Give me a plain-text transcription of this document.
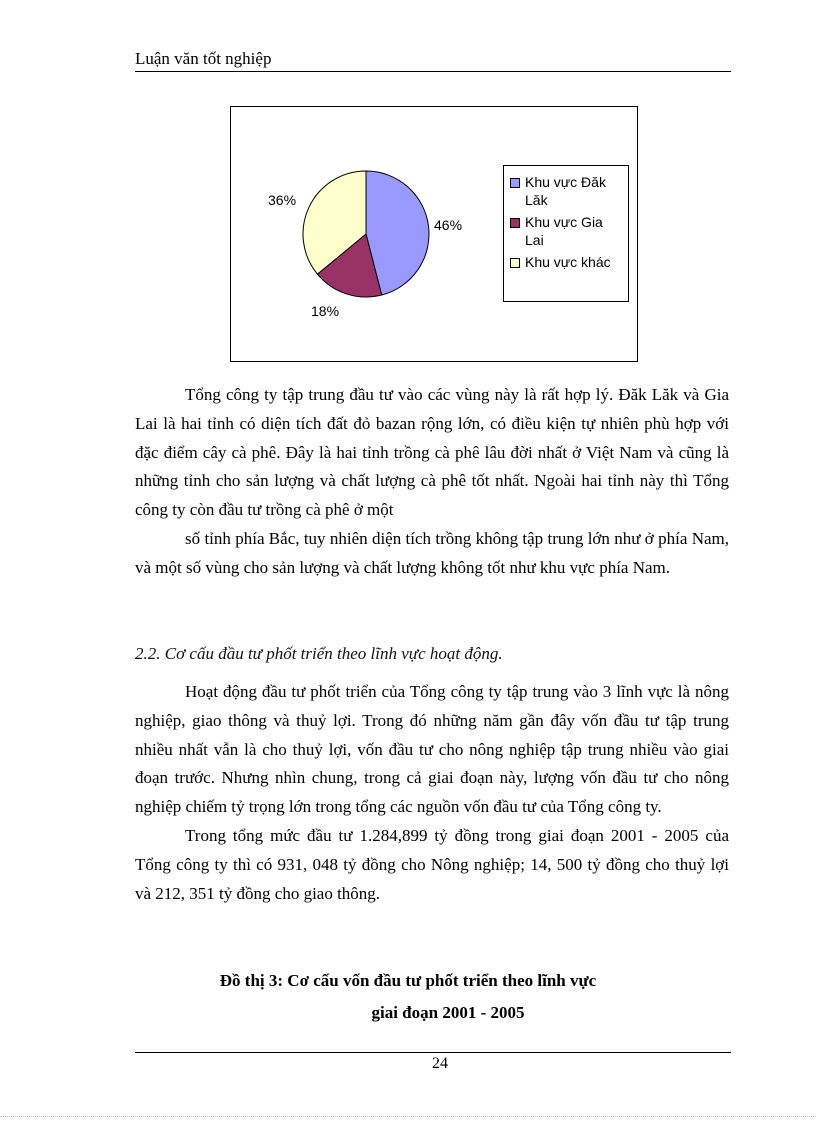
Luận văn tốt nghiệp
46%
18%
36%
Khu vực Đăk
Lăk
Khu vực Gia
Lai
Khu vực khác

Tổng công ty tập trung đầu tư vào các vùng này là rất hợp lý. Đăk Lăk và Gia Lai là hai tỉnh có diện tích đất đỏ bazan rộng lớn, có điều kiện tự nhiên phù hợp với đặc điểm cây cà phê. Đây là hai tỉnh trồng cà phê lâu đời nhất ở Việt Nam và cũng là những tỉnh cho sản lượng và chất lượng cà phê tốt nhất. Ngoài hai tỉnh này thì Tổng công ty còn đầu tư trồng cà phê ở một

số tỉnh phía Bắc, tuy nhiên diện tích trồng không tập trung lớn như ở phía Nam, và một số vùng cho sản lượng và chất lượng không tốt như khu vực phía Nam.

2.2. Cơ cấu đầu tư phốt triển theo lĩnh vực hoạt động.

Hoạt động đầu tư phốt triển của Tổng công ty tập trung vào 3 lĩnh vực là nông nghiệp, giao thông và thuỷ lợi. Trong đó những năm gần đây vốn đầu tư tập trung nhiều nhất vẫn là cho thuỷ lợi, vốn đầu tư cho nông nghiệp tập trung nhiều vào giai đoạn trước. Nhưng nhìn chung, trong cả giai đoạn này, lượng vốn đầu tư cho nông nghiệp chiếm tỷ trọng lớn trong tổng các nguồn vốn đầu tư của Tổng công ty.

Trong tổng mức đầu tư 1.284,899 tỷ đồng trong giai đoạn 2001 - 2005 của Tổng công ty thì có 931, 048 tỷ đồng cho Nông nghiệp; 14, 500 tỷ đồng cho thuỷ lợi và 212, 351 tỷ đồng cho giao thông.

Đồ thị 3: Cơ cấu vốn đầu tư phốt triển theo lĩnh vực
giai đoạn 2001 - 2005
24
